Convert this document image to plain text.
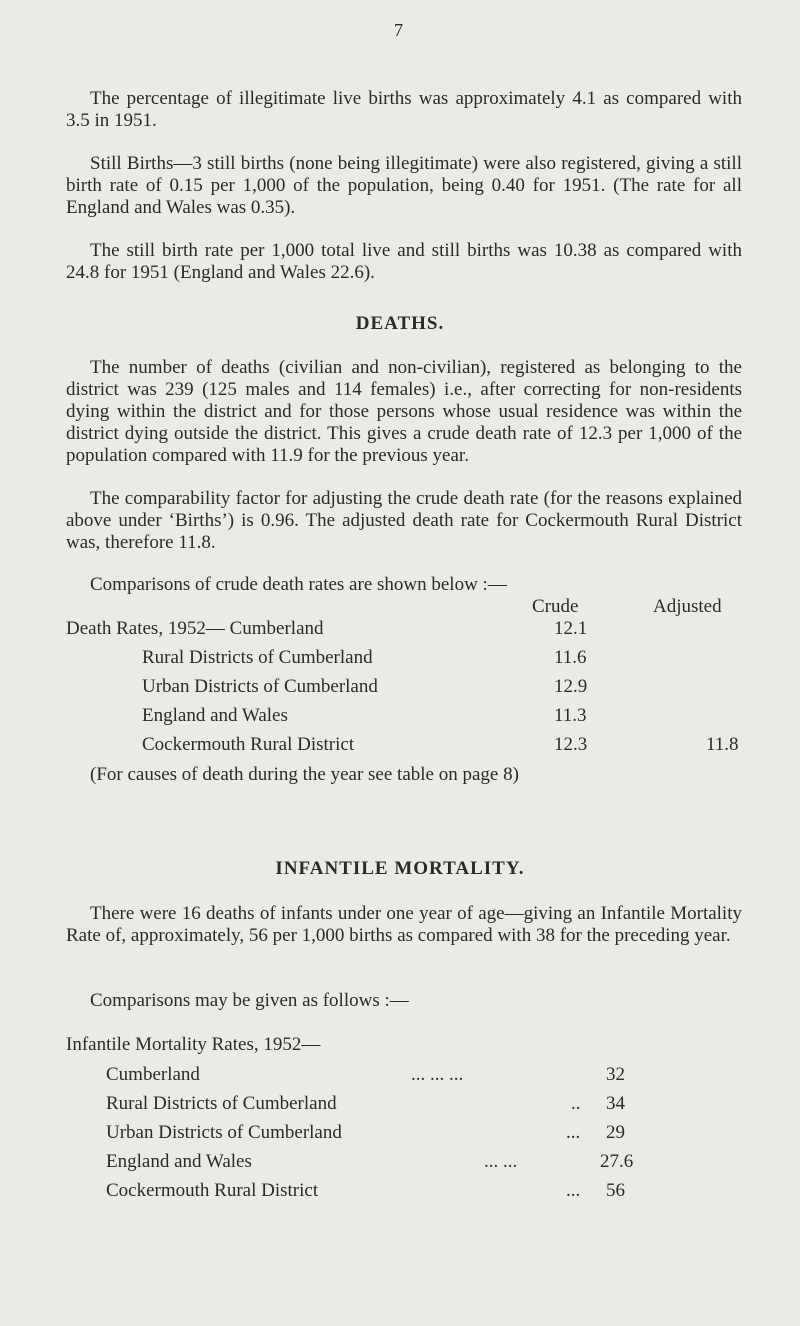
7

The percentage of illegitimate live births was approximately 4.1 as compared with 3.5 in 1951.

Still Births—3 still births (none being illegitimate) were also registered, giving a still birth rate of 0.15 per 1,000 of the population, being 0.40 for 1951. (The rate for all England and Wales was 0.35).

The still birth rate per 1,000 total live and still births was 10.38 as compared with 24.8 for 1951 (England and Wales 22.6).

DEATHS.

The number of deaths (civilian and non-civilian), registered as belonging to the district was 239 (125 males and 114 females) i.e., after correcting for non-residents dying within the district and for those persons whose usual residence was within the district dying outside the district. This gives a crude death rate of 12.3 per 1,000 of the population compared with 11.9 for the previous year.

The comparability factor for adjusting the crude death rate (for the reasons explained above under ‘Births’) is 0.96. The adjusted death rate for Cockermouth Rural District was, therefore 11.8.

Comparisons of crude death rates are shown below :—
Crude	Adjusted
Death Rates, 1952— Cumberland	12.1
Rural Districts of Cumberland	11.6
Urban Districts of Cumberland	12.9
England and Wales	11.3
Cockermouth Rural District	12.3	11.8
(For causes of death during the year see table on page 8)
INFANTILE MORTALITY.

There were 16 deaths of infants under one year of age—giving an Infantile Mortality Rate of, approximately, 56 per 1,000 births as compared with 38 for the preceding year.

Comparisons may be given as follows :—
Infantile Mortality Rates, 1952—
Cumberland	... ... ...	32
Rural Districts of Cumberland	.. 34
Urban Districts of Cumberland	... 29
England and Wales	... ...	27.6
Cockermouth Rural District	... 56
